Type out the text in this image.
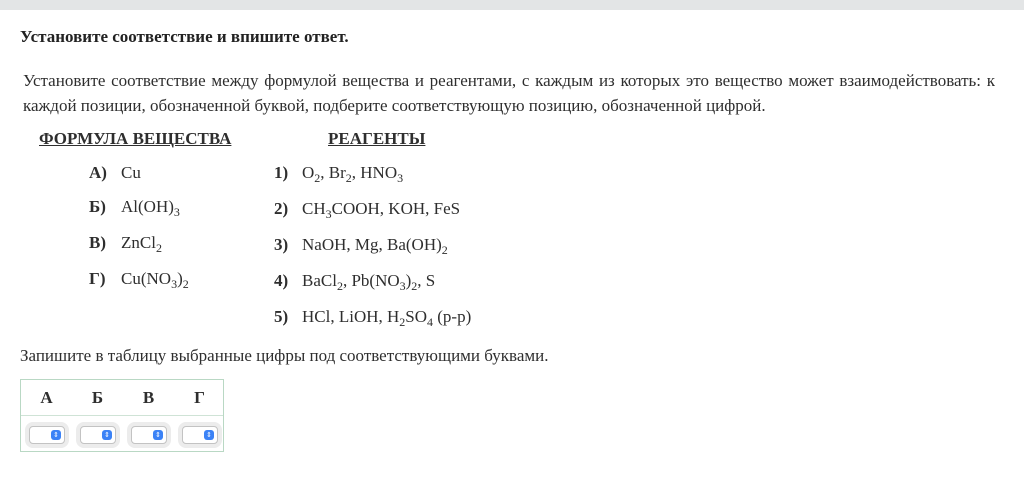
Установите соответствие и впишите ответ.
Установите соответствие между формулой вещества и реагентами, с каждым из которых это вещество может взаимодействовать: к каждой позиции, обозначенной буквой, подберите соответствующую позицию, обозначенной цифрой.
ФОРМУЛА ВЕЩЕСТВА	РЕАГЕНТЫ
А) Cu
Б) $Al(OH)_3$
В) ZnCl$_2$
Г) $Cu(NO_3)_2$
1) $O_2$, $Br_2$, $HNO_3$
2) $CH_3COOH$, KOH, FeS
3) NaOH, Mg, $Ba(OH)_2$
4) BaCl$_2$, $Pb(NO_3)_2$, S
5) HCl, LiOH, $H_2SO_4$ (р-р)
Запишите в таблицу выбранные цифры под соответствующими буквами.
А	Б	В	Г
⇕	⇕	⇕	⇕
